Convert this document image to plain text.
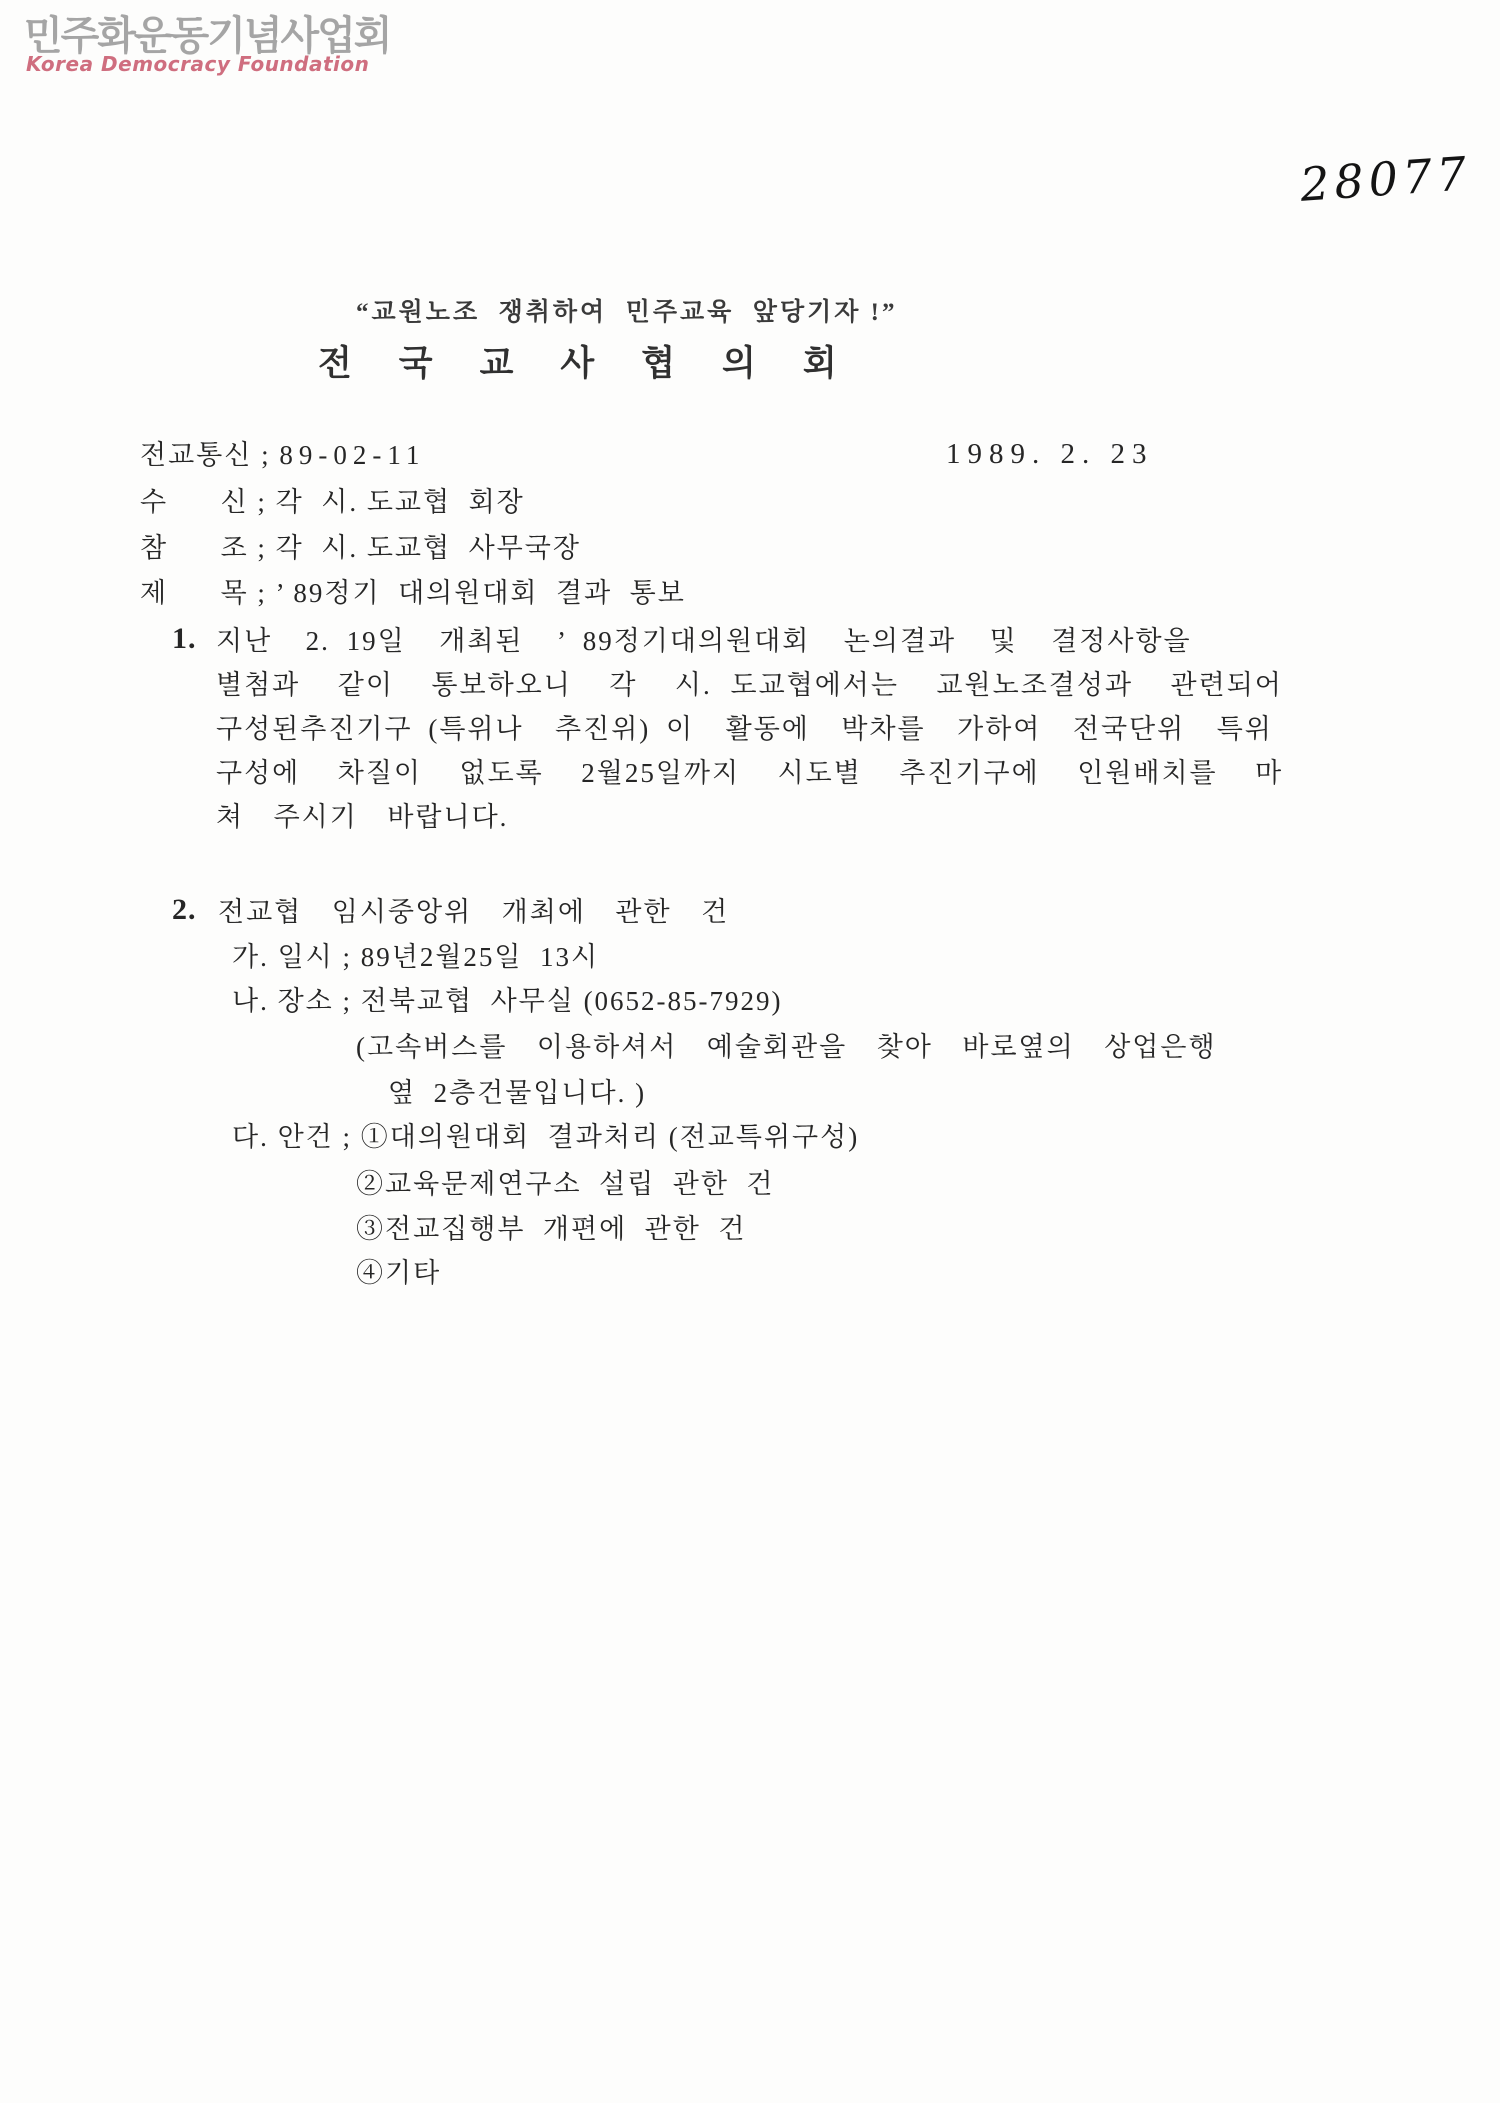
민주화운동기념사업회
Korea Democracy Foundation
28077
“교원노조  쟁취하여  민주교육  앞당기자 !”
전국교사협의회
전교통신 ; 89-02-11	1989. 2. 23
수      신 ; 각  시. 도교협  회장
참      조 ; 각  시. 도교협  사무국장
제      목 ; ’ 89정기  대의원대회  결과  통보
1. 지난  2. 19일  개최된  ’ 89정기대의원대회  논의결과  및  결정사항을
별첨과  같이  통보하오니  각  시. 도교협에서는  교원노조결성과  관련되어
구성된추진기구 (특위나  추진위) 이  활동에  박차를  가하여  전국단위  특위
구성에  차질이  없도록  2월25일까지  시도별  추진기구에  인원배치를  마
쳐  주시기  바랍니다.
2. 전교협  임시중앙위  개최에  관한  건
가. 일시 ; 89년2월25일  13시
나. 장소 ; 전북교협  사무실 (0652-85-7929)
(고속버스를  이용하셔서  예술회관을  찾아  바로옆의  상업은행
옆  2층건물입니다. )
다. 안건 ; ①대의원대회  결과처리 (전교특위구성)
②교육문제연구소  설립  관한  건
③전교집행부  개편에  관한  건
④기타
